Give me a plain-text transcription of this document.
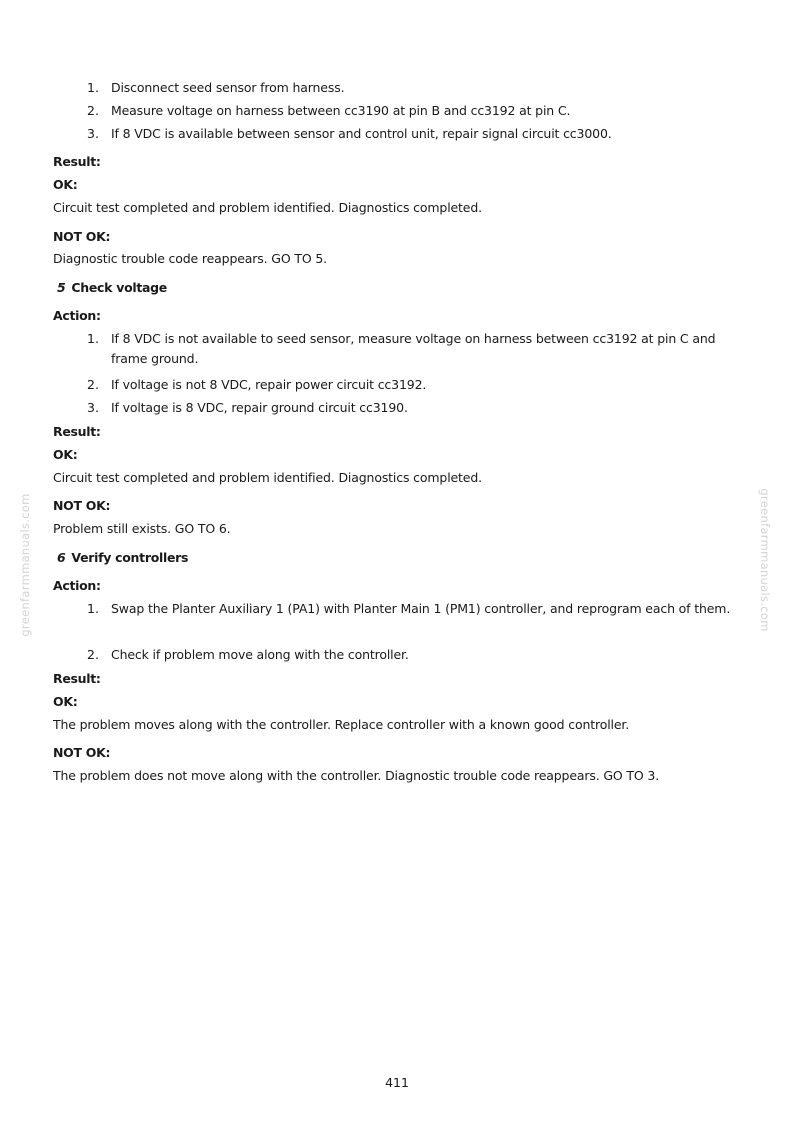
greenfarmmanuals.com	greenfarmmanuals.com
1. Disconnect seed sensor from harness.
2. Measure voltage on harness between cc3190 at pin B and cc3192 at pin C.
3. If 8 VDC is available between sensor and control unit, repair signal circuit cc3000.
Result:
OK:
Circuit test completed and problem identified. Diagnostics completed.
NOT OK:
Diagnostic trouble code reappears. GO TO 5.
5 Check voltage
Action:
1. If 8 VDC is not available to seed sensor, measure voltage on harness between cc3192 at pin C and frame ground.
2. If voltage is not 8 VDC, repair power circuit cc3192.
3. If voltage is 8 VDC, repair ground circuit cc3190.
Result:
OK:
Circuit test completed and problem identified. Diagnostics completed.
NOT OK:
Problem still exists. GO TO 6.
6 Verify controllers
Action:
1. Swap the Planter Auxiliary 1 (PA1) with Planter Main 1 (PM1) controller, and reprogram each of them.
2. Check if problem move along with the controller.
Result:
OK:
The problem moves along with the controller. Replace controller with a known good controller.
NOT OK:
The problem does not move along with the controller. Diagnostic trouble code reappears. GO TO 3.
411
